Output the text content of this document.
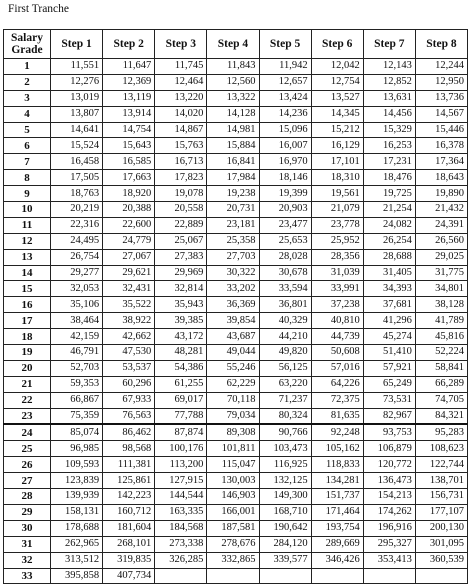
First Tranche
Salary Grade	Step 1	Step 2	Step 3	Step 4	Step 5	Step 6	Step 7	Step 8
1	11,551	11,647	11,745	11,843	11,942	12,042	12,143	12,244
2	12,276	12,369	12,464	12,560	12,657	12,754	12,852	12,950
3	13,019	13,119	13,220	13,322	13,424	13,527	13,631	13,736
4	13,807	13,914	14,020	14,128	14,236	14,345	14,456	14,567
5	14,641	14,754	14,867	14,981	15,096	15,212	15,329	15,446
6	15,524	15,643	15,763	15,884	16,007	16,129	16,253	16,378
7	16,458	16,585	16,713	16,841	16,970	17,101	17,231	17,364
8	17,505	17,663	17,823	17,984	18,146	18,310	18,476	18,643
9	18,763	18,920	19,078	19,238	19,399	19,561	19,725	19,890
10	20,219	20,388	20,558	20,731	20,903	21,079	21,254	21,432
11	22,316	22,600	22,889	23,181	23,477	23,778	24,082	24,391
12	24,495	24,779	25,067	25,358	25,653	25,952	26,254	26,560
13	26,754	27,067	27,383	27,703	28,028	28,356	28,688	29,025
14	29,277	29,621	29,969	30,322	30,678	31,039	31,405	31,775
15	32,053	32,431	32,814	33,202	33,594	33,991	34,393	34,801
16	35,106	35,522	35,943	36,369	36,801	37,238	37,681	38,128
17	38,464	38,922	39,385	39,854	40,329	40,810	41,296	41,789
18	42,159	42,662	43,172	43,687	44,210	44,739	45,274	45,816
19	46,791	47,530	48,281	49,044	49,820	50,608	51,410	52,224
20	52,703	53,537	54,386	55,246	56,125	57,016	57,921	58,841
21	59,353	60,296	61,255	62,229	63,220	64,226	65,249	66,289
22	66,867	67,933	69,017	70,118	71,237	72,375	73,531	74,705
23	75,359	76,563	77,788	79,034	80,324	81,635	82,967	84,321
24	85,074	86,462	87,874	89,308	90,766	92,248	93,753	95,283
25	96,985	98,568	100,176	101,811	103,473	105,162	106,879	108,623
26	109,593	111,381	113,200	115,047	116,925	118,833	120,772	122,744
27	123,839	125,861	127,915	130,003	132,125	134,281	136,473	138,701
28	139,939	142,223	144,544	146,903	149,300	151,737	154,213	156,731
29	158,131	160,712	163,335	166,001	168,710	171,464	174,262	177,107
30	178,688	181,604	184,568	187,581	190,642	193,754	196,916	200,130
31	262,965	268,101	273,338	278,676	284,120	289,669	295,327	301,095
32	313,512	319,835	326,285	332,865	339,577	346,426	353,413	360,539
33	395,858	407,734						
